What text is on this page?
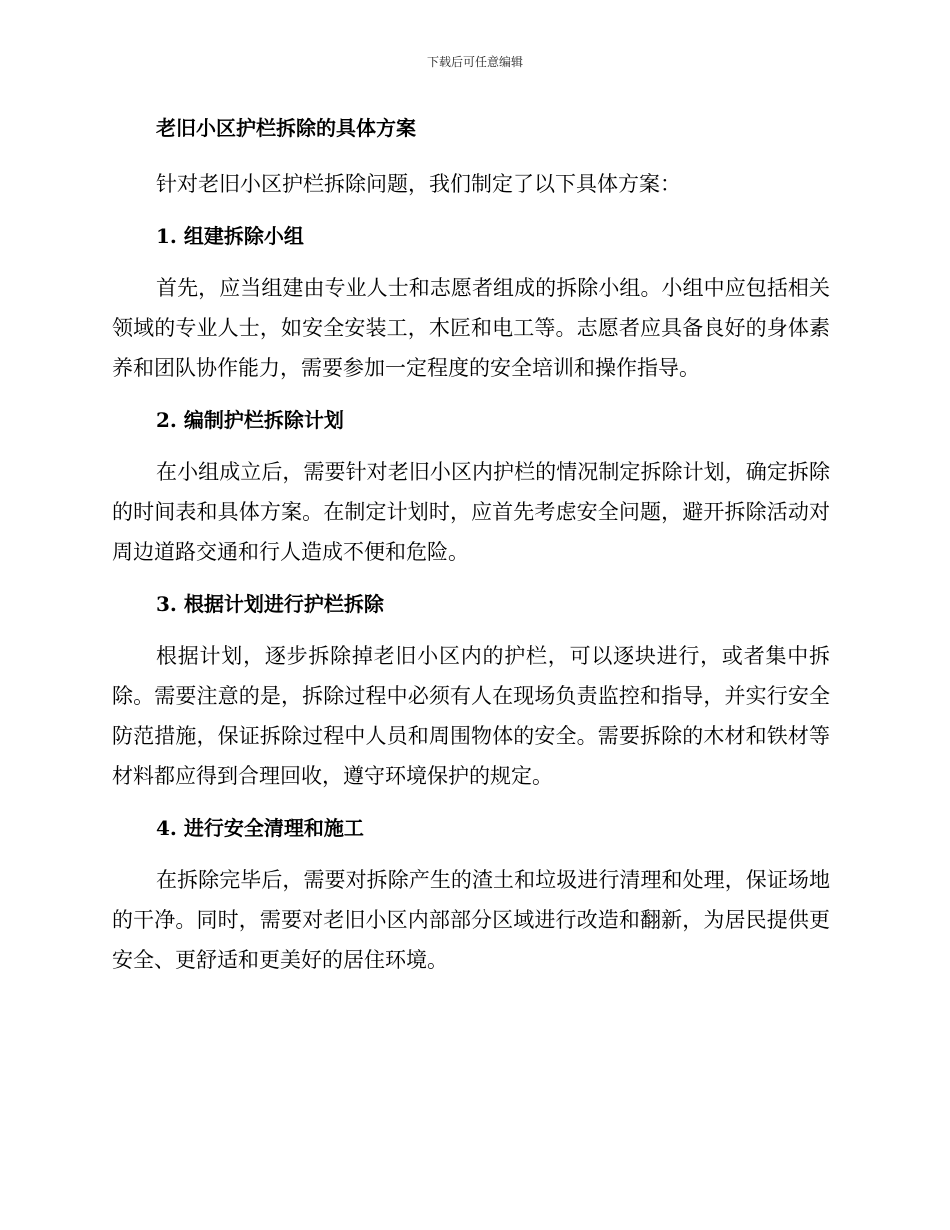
下载后可任意编辑
老旧小区护栏拆除的具体方案

针对老旧小区护栏拆除问题，我们制定了以下具体方案：

1. 组建拆除小组

首先，应当组建由专业人士和志愿者组成的拆除小组。小组中应包括相关领域的专业人士，如安全安装工，木匠和电工等。志愿者应具备良好的身体素养和团队协作能力，需要参加一定程度的安全培训和操作指导。

2. 编制护栏拆除计划

在小组成立后，需要针对老旧小区内护栏的情况制定拆除计划，确定拆除的时间表和具体方案。在制定计划时，应首先考虑安全问题，避开拆除活动对周边道路交通和行人造成不便和危险。

3. 根据计划进行护栏拆除

根据计划，逐步拆除掉老旧小区内的护栏，可以逐块进行，或者集中拆除。需要注意的是，拆除过程中必须有人在现场负责监控和指导，并实行安全防范措施，保证拆除过程中人员和周围物体的安全。需要拆除的木材和铁材等材料都应得到合理回收，遵守环境保护的规定。

4. 进行安全清理和施工

在拆除完毕后，需要对拆除产生的渣土和垃圾进行清理和处理，保证场地的干净。同时，需要对老旧小区内部部分区域进行改造和翻新，为居民提供更安全、更舒适和更美好的居住环境。
